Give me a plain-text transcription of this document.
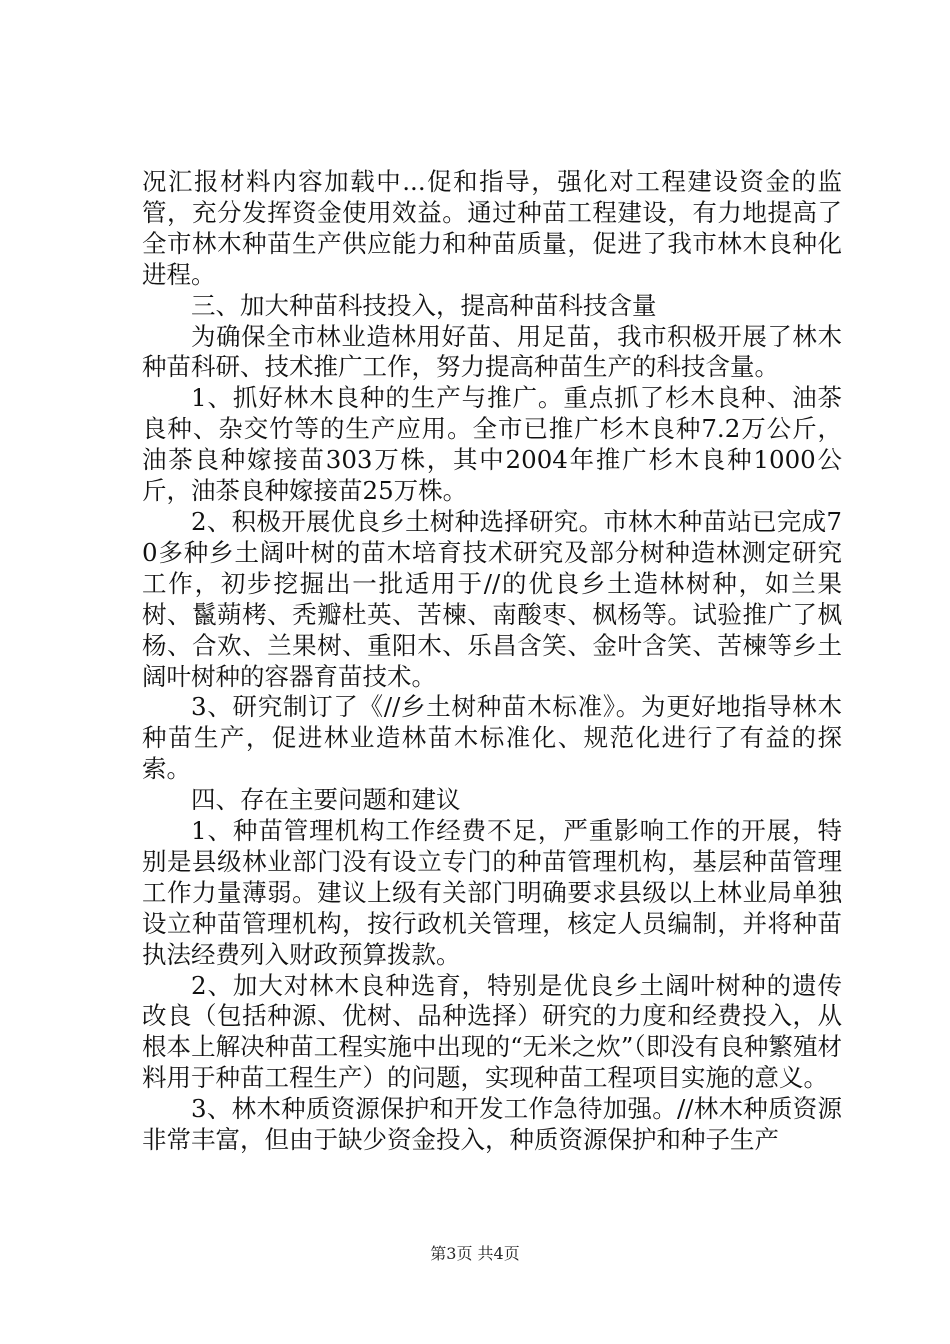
况汇报材料内容加载中...促和指导，强化对工程建设资金的监管，充分发挥资金使用效益。通过种苗工程建设，有力地提高了全市林木种苗生产供应能力和种苗质量，促进了我市林木良种化进程。

三、加大种苗科技投入，提高种苗科技含量

为确保全市林业造林用好苗、用足苗，我市积极开展了林木种苗科研、技术推广工作，努力提高种苗生产的科技含量。

1、抓好林木良种的生产与推广。重点抓了杉木良种、油茶良种、杂交竹等的生产应用。全市已推广杉木良种7.2万公斤，油茶良种嫁接苗303万株，其中2004年推广杉木良种1000公斤，油茶良种嫁接苗25万株。

2、积极开展优良乡土树种选择研究。市林木种苗站已完成70多种乡土阔叶树的苗木培育技术研究及部分树种造林测定研究工作，初步挖掘出一批适用于//的优良乡土造林树种，如兰果树、鬣蒴栲、秃瓣杜英、苦楝、南酸枣、枫杨等。试验推广了枫杨、合欢、兰果树、重阳木、乐昌含笑、金叶含笑、苦楝等乡土阔叶树种的容器育苗技术。

3、研究制订了《//乡土树种苗木标准》。为更好地指导林木种苗生产，促进林业造林苗木标准化、规范化进行了有益的探索。

四、存在主要问题和建议

1、种苗管理机构工作经费不足，严重影响工作的开展，特别是县级林业部门没有设立专门的种苗管理机构，基层种苗管理工作力量薄弱。建议上级有关部门明确要求县级以上林业局单独设立种苗管理机构，按行政机关管理，核定人员编制，并将种苗执法经费列入财政预算拨款。

2、加大对林木良种选育，特别是优良乡土阔叶树种的遗传改良（包括种源、优树、品种选择）研究的力度和经费投入，从根本上解决种苗工程实施中出现的“无米之炊”（即没有良种繁殖材料用于种苗工程生产）的问题，实现种苗工程项目实施的意义。

3、林木种质资源保护和开发工作急待加强。//林木种质资源非常丰富，但由于缺少资金投入，种质资源保护和种子生产

第3页 共4页
